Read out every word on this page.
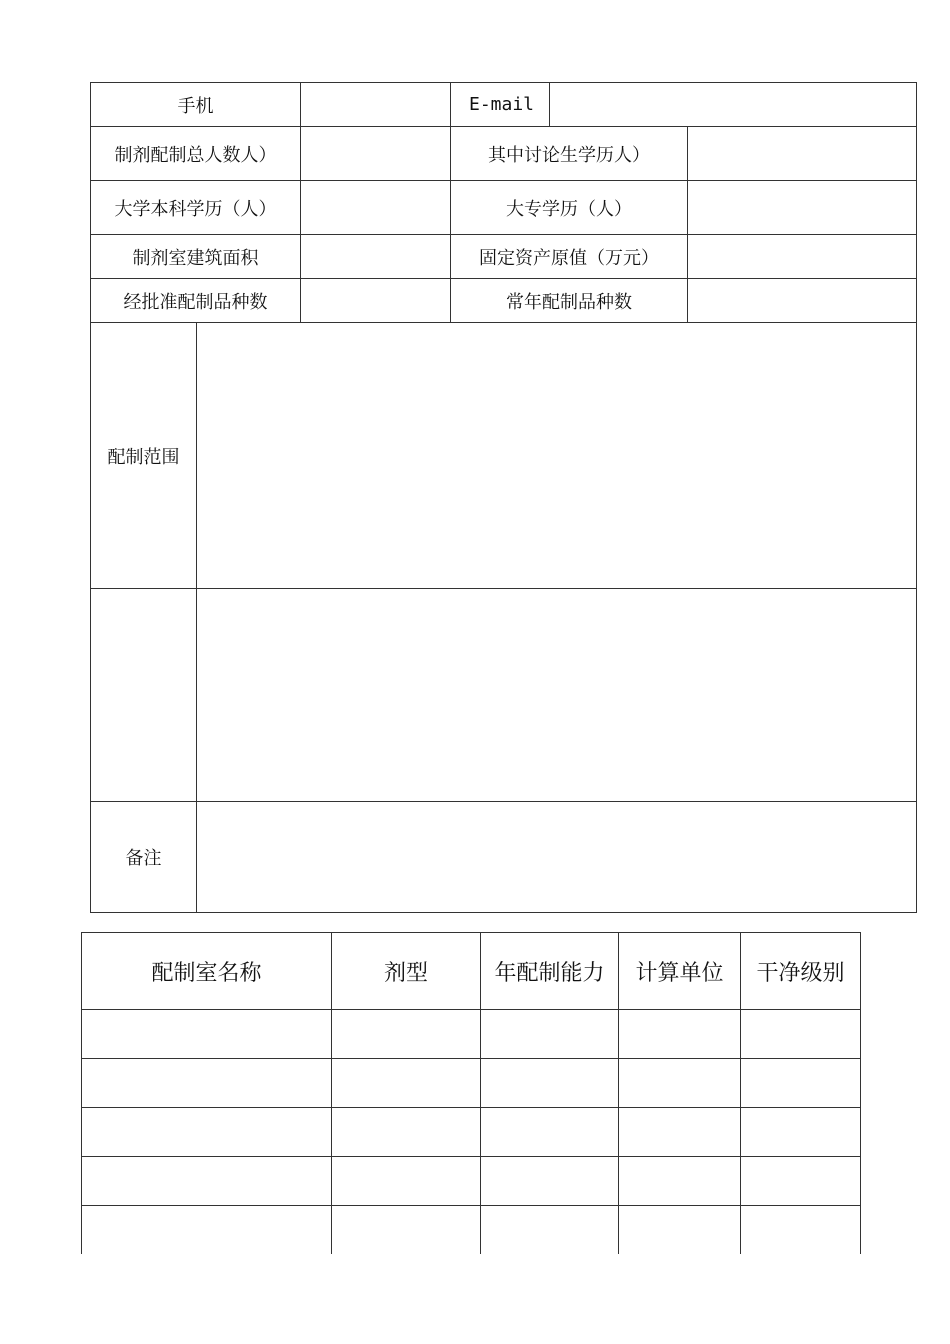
手机			E-mail		
制剂配制总人数人）			其中讨论生学历人）		
大学本科学历（人）			大专学历（人）		
制剂室建筑面积			固定资产原值（万元）		
经批准配制品种数			常年配制品种数		
配制范围					

备注					
配制室名称	剂型	年配制能力	计算单位	干净级别
